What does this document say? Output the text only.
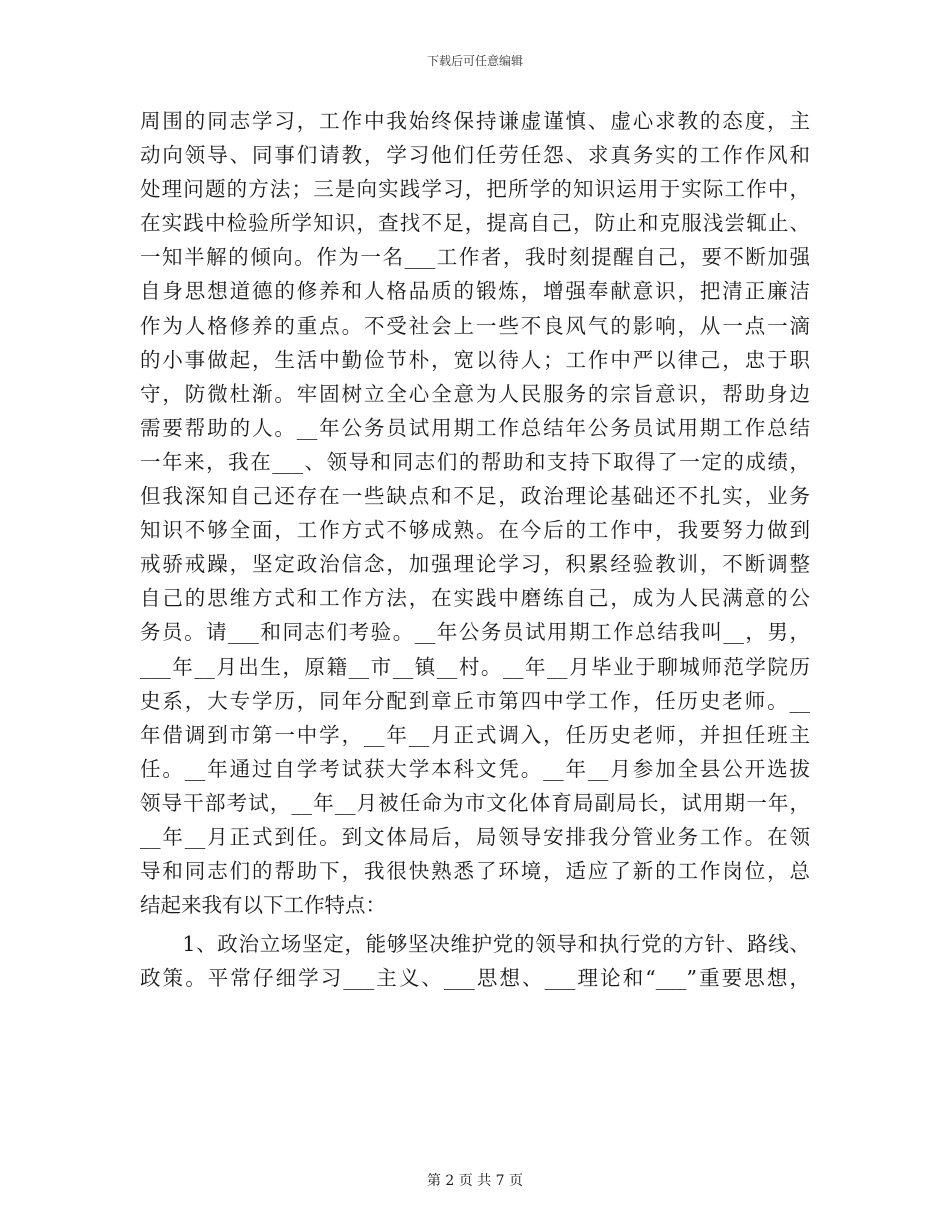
下载后可任意编辑
周围的同志学习，工作中我始终保持谦虚谨慎、虚心求教的态度，主
动向领导、同事们请教，学习他们任劳任怨、求真务实的工作作风和
处理问题的方法；三是向实践学习，把所学的知识运用于实际工作中，
在实践中检验所学知识，查找不足，提高自己，防止和克服浅尝辄止、
一知半解的倾向。作为一名___工作者，我时刻提醒自己，要不断加强
自身思想道德的修养和人格品质的锻炼，增强奉献意识，把清正廉洁
作为人格修养的重点。不受社会上一些不良风气的影响，从一点一滴
的小事做起，生活中勤俭节朴，宽以待人；工作中严以律己，忠于职
守，防微杜渐。牢固树立全心全意为人民服务的宗旨意识，帮助身边
需要帮助的人。__年公务员试用期工作总结年公务员试用期工作总结
一年来，我在___、领导和同志们的帮助和支持下取得了一定的成绩，
但我深知自己还存在一些缺点和不足，政治理论基础还不扎实，业务
知识不够全面，工作方式不够成熟。在今后的工作中，我要努力做到
戒骄戒躁，坚定政治信念，加强理论学习，积累经验教训，不断调整
自己的思维方式和工作方法，在实践中磨练自己，成为人民满意的公
务员。请___和同志们考验。__年公务员试用期工作总结我叫__，男，
___年__月出生，原籍__市__镇__村。__年__月毕业于聊城师范学院历
史系，大专学历，同年分配到章丘市第四中学工作，任历史老师。__
年借调到市第一中学，__年__月正式调入，任历史老师，并担任班主
任。__年通过自学考试获大学本科文凭。__年__月参加全县公开选拔
领导干部考试，__年__月被任命为市文化体育局副局长，试用期一年，
__年__月正式到任。到文体局后，局领导安排我分管业务工作。在领
导和同志们的帮助下，我很快熟悉了环境，适应了新的工作岗位，总
结起来我有以下工作特点：
　　1、政治立场坚定，能够坚决维护党的领导和执行党的方针、路线、
政策。平常仔细学习___主义、___思想、___理论和“___”重要思想，
第 2 页 共 7 页
